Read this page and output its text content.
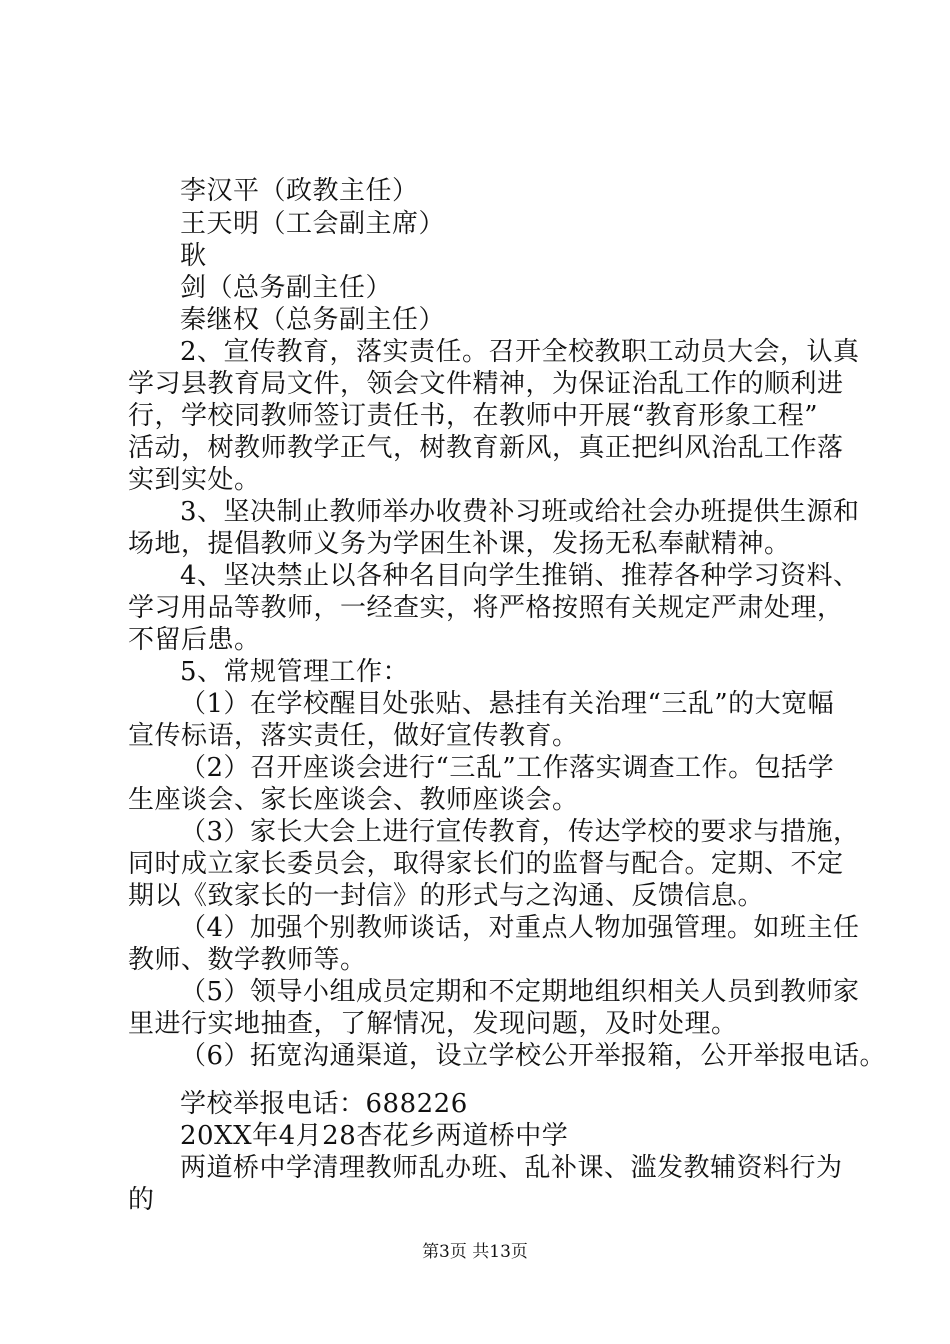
李汉平（政教主任）
王天明（工会副主席）
耿
剑（总务副主任）
秦继权（总务副主任）
2、宣传教育，落实责任。召开全校教职工动员大会，认真
学习县教育局文件，领会文件精神，为保证治乱工作的顺利进
行，学校同教师签订责任书，在教师中开展“教育形象工程”
活动，树教师教学正气，树教育新风，真正把纠风治乱工作落
实到实处。
3、坚决制止教师举办收费补习班或给社会办班提供生源和
场地，提倡教师义务为学困生补课，发扬无私奉献精神。
4、坚决禁止以各种名目向学生推销、推荐各种学习资料、
学习用品等教师，一经查实，将严格按照有关规定严肃处理，
不留后患。
5、常规管理工作：
（1）在学校醒目处张贴、悬挂有关治理“三乱”的大宽幅
宣传标语，落实责任，做好宣传教育。
（2）召开座谈会进行“三乱”工作落实调查工作。包括学
生座谈会、家长座谈会、教师座谈会。
（3）家长大会上进行宣传教育，传达学校的要求与措施，
同时成立家长委员会，取得家长们的监督与配合。定期、不定
期以《致家长的一封信》的形式与之沟通、反馈信息。
（4）加强个别教师谈话，对重点人物加强管理。如班主任
教师、数学教师等。
（5）领导小组成员定期和不定期地组织相关人员到教师家
里进行实地抽查，了解情况，发现问题，及时处理。
（6）拓宽沟通渠道，设立学校公开举报箱，公开举报电话。
学校举报电话：688226
20XX年4月28杏花乡两道桥中学
两道桥中学清理教师乱办班、乱补课、滥发教辅资料行为
的
第3页 共13页
